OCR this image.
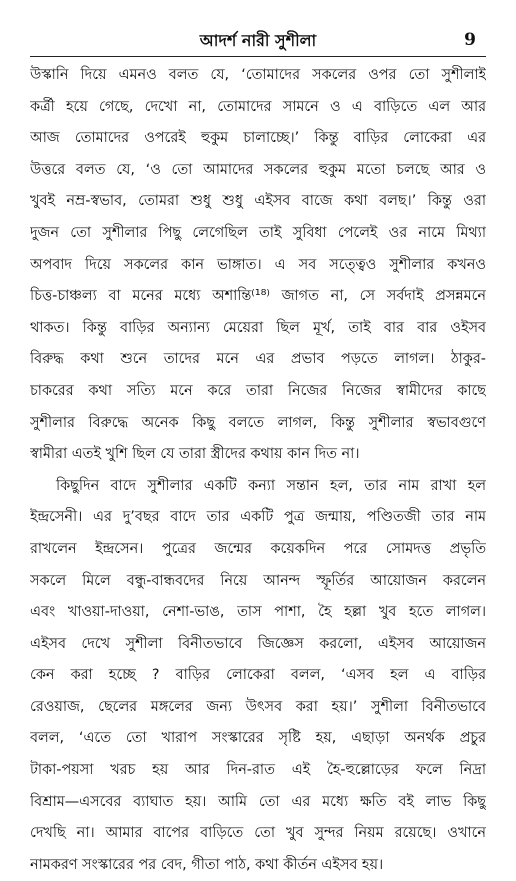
আদর্শ নারী সুশীলা	9
উস্কানি দিয়ে এমনও বলত যে, ‘তোমাদের সকলের ওপর তো সুশীলাই
কর্ত্রী হয়ে গেছে, দেখো না, তোমাদের সামনে ও এ বাড়িতে এল আর
আজ তোমাদের ওপরেই হুকুম চালাচ্ছে।’ কিন্তু বাড়ির লোকেরা এর
উত্তরে বলত যে, ‘ও তো আমাদের সকলের হুকুম মতো চলছে আর ও
খুবই নম্র-স্বভাব, তোমরা শুধু শুধু এইসব বাজে কথা বলছ।’ কিন্তু ওরা
দুজন তো সুশীলার পিছু লেগেছিল তাই সুবিধা পেলেই ওর নামে মিথ্যা
অপবাদ দিয়ে সকলের কান ভাঙ্গাত। এ সব সত্ত্বেও সুশীলার কখনও
চিত্ত-চাঞ্চল্য বা মনের মধ্যে অশান্তি⁽¹⁸⁾ জাগত না, সে সর্বদাই প্রসন্নমনে
থাকত। কিন্তু বাড়ির অন্যান্য মেয়েরা ছিল মূর্খ, তাই বার বার ওইসব
বিরুদ্ধ কথা শুনে তাদের মনে এর প্রভাব পড়তে লাগল। ঠাকুর-
চাকরের কথা সত্যি মনে করে তারা নিজের নিজের স্বামীদের কাছে
সুশীলার বিরুদ্ধে অনেক কিছু বলতে লাগল, কিন্তু সুশীলার স্বভাবগুণে
স্বামীরা এতই খুশি ছিল যে তারা স্ত্রীদের কথায় কান দিত না।
কিছুদিন বাদে সুশীলার একটি কন্যা সন্তান হল, তার নাম রাখা হল
ইন্দ্রসেনী। এর দু’বছর বাদে তার একটি পুত্র জন্মায়, পণ্ডিতজী তার নাম
রাখলেন ইন্দ্রসেন। পুত্রের জন্মের কয়েকদিন পরে সোমদত্ত প্রভৃতি
সকলে মিলে বন্ধু-বান্ধবদের নিয়ে আনন্দ স্ফূর্তির আয়োজন করলেন
এবং খাওয়া-দাওয়া, নেশা-ভাঙ, তাস পাশা, হৈ হল্লা খুব হতে লাগল।
এইসব দেখে সুশীলা বিনীতভাবে জিজ্ঞেস করলো, এইসব আয়োজন
কেন করা হচ্ছে ? বাড়ির লোকেরা বলল, ‘এসব হল এ বাড়ির
রেওয়াজ, ছেলের মঙ্গলের জন্য উৎসব করা হয়।’ সুশীলা বিনীতভাবে
বলল, ‘এতে তো খারাপ সংস্কারের সৃষ্টি হয়, এছাড়া অনর্থক প্রচুর
টাকা-পয়সা খরচ হয় আর দিন-রাত এই হৈ-হুল্লোড়ের ফলে নিদ্রা
বিশ্রাম—এসবের ব্যাঘাত হয়। আমি তো এর মধ্যে ক্ষতি বই লাভ কিছু
দেখছি না। আমার বাপের বাড়িতে তো খুব সুন্দর নিয়ম রয়েছে। ওখানে
নামকরণ সংস্কারের পর বেদ, গীতা পাঠ, কথা কীর্তন এইসব হয়।
